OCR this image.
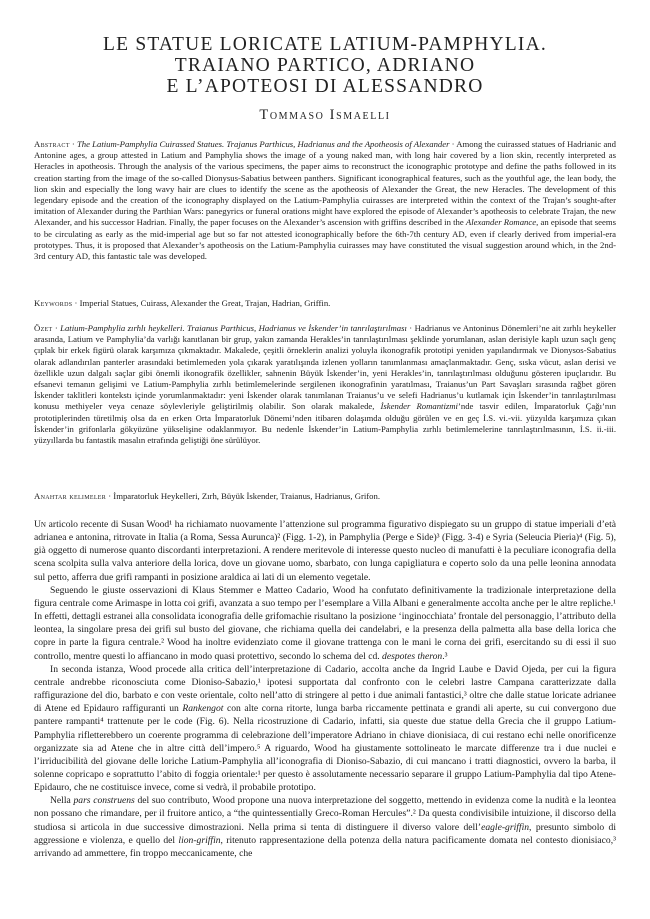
LE STATUE LORICATE LATIUM-PAMPHYLIA.

TRAIANO PARTICO, ADRIANO

E L’APOTEOSI DI ALESSANDRO

Tommaso Ismaelli
Abstract · The Latium-Pamphylia Cuirassed Statues. Trajanus Parthicus, Hadrianus and the Apotheosis of Alexander · Among the cuirassed statues of Hadrianic and Antonine ages, a group attested in Latium and Pamphylia shows the image of a young naked man, with long hair covered by a lion skin, recently interpreted as Heracles in apotheosis. Through the analysis of the various specimens, the paper aims to reconstruct the iconographic prototype and define the paths followed in its creation starting from the image of the so-called Dionysus-Sabatius between panthers. Significant iconographical features, such as the youthful age, the lean body, the lion skin and especially the long wavy hair are clues to identify the scene as the apotheosis of Alexander the Great, the new Heracles. The development of this legendary episode and the creation of the iconography displayed on the Latium-Pamphylia cuirasses are interpreted within the context of the Trajan’s sought-after imitation of Alexander during the Parthian Wars: panegyrics or funeral orations might have explored the episode of Alexander’s apotheosis to celebrate Trajan, the new Alexander, and his successor Hadrian. Finally, the paper focuses on the Alexander’s ascension with griffins described in the Alexander Romance, an episode that seems to be circulating as early as the mid-imperial age but so far not attested iconographically before the 6th-7th century AD, even if clearly derived from imperial-era prototypes. Thus, it is proposed that Alexander’s apotheosis on the Latium-Pamphylia cuirasses may have constituted the visual suggestion around which, in the 2nd-3rd century AD, this fantastic tale was developed.
Keywords · Imperial Statues, Cuirass, Alexander the Great, Trajan, Hadrian, Griffin.
Özet · Latium-Pamphylia zırhlı heykelleri. Traianus Parthicus, Hadrianus ve İskender’in tanrılaştırılması · Hadrianus ve Antoninus Dönemleri’ne ait zırhlı heykeller arasında, Latium ve Pamphylia’da varlığı kanıtlanan bir grup, yakın zamanda Herakles’in tanrılaştırılması şeklinde yorumlanan, aslan derisiyle kaplı uzun saçlı genç çıplak bir erkek figürü olarak karşımıza çıkmaktadır. Makalede, çeşitli örneklerin analizi yoluyla ikonografik prototipi yeniden yapılandırmak ve Dionysos-Sabatius olarak adlandırılan panterler arasındaki betimlemeden yola çıkarak yaratılışında izlenen yolların tanımlanması amaçlanmaktadır. Genç, sıska vücut, aslan derisi ve özellikle uzun dalgalı saçlar gibi önemli ikonografik özellikler, sahnenin Büyük İskender’in, yeni Herakles’in, tanrılaştırılması olduğunu gösteren ipuçlarıdır. Bu efsanevi temanın gelişimi ve Latium-Pamphylia zırhlı betimlemelerinde sergilenen ikonografinin yaratılması, Traianus’un Part Savaşları sırasında rağbet gören İskender taklitleri kontekstı içinde yorumlanmaktadır: yeni İskender olarak tanımlanan Traianus’u ve selefi Hadrianus’u kutlamak için İskender’in tanrılaştırılması konusu methiyeler veya cenaze söylevleriyle geliştirilmiş olabilir. Son olarak makalede, İskender Romantizmi’nde tasvir edilen, İmparatorluk Çağı’nın prototiplerinden türetilmiş olsa da en erken Orta İmparatorluk Dönemi’nden itibaren dolaşımda olduğu görülen ve en geç İ.S. vi.-vii. yüzyılda karşımıza çıkan İskender’in grifonlarla gökyüzüne yükselişine odaklanmıyor. Bu nedenle İskender’in Latium-Pamphylia zırhlı betimlemelerine tanrılaştırılmasının, İ.S. ii.-iii. yüzyıllarda bu fantastik masalın etrafında geliştiği öne sürülüyor.
Anahtar kelimeler · İmparatorluk Heykelleri, Zırh, Büyük İskender, Traianus, Hadrianus, Grifon.

Un articolo recente di Susan Wood¹ ha richiamato nuovamente l’attenzione sul programma figurativo dispiegato su un gruppo di statue imperiali d’età adrianea e antonina, ritrovate in Italia (a Roma, Sessa Aurunca)² (Figg. 1-2), in Pamphylia (Perge e Side)³ (Figg. 3-4) e Syria (Seleucia Pieria)⁴ (Fig. 5), già oggetto di numerose quanto discordanti interpretazioni. A rendere meritevole di interesse questo nucleo di manufatti è la peculiare iconografia della scena scolpita sulla valva anteriore della lorica, dove un giovane uomo, sbarbato, con lunga capigliatura e coperto solo da una pelle leonina annodata sul petto, afferra due grifi rampanti in posizione araldica ai lati di un elemento vegetale.

Seguendo le giuste osservazioni di Klaus Stemmer e Matteo Cadario, Wood ha confutato definitivamente la tradizionale interpretazione della figura centrale come Arimaspe in lotta coi grifi, avanzata a suo tempo per l’esemplare a Villa Albani e generalmente accolta anche per le altre repliche.¹ In effetti, dettagli estranei alla consolidata iconografia delle grifomachie risultano la posizione ‘inginocchiata’ frontale del personaggio, l’attributo della leontea, la singolare presa dei grifi sul busto del giovane, che richiama quella dei candelabri, e la presenza della palmetta alla base della lorica che copre in parte la figura centrale.² Wood ha inoltre evidenziato come il giovane trattenga con le mani le corna dei grifi, esercitando su di essi il suo controllo, mentre questi lo affiancano in modo quasi protettivo, secondo lo schema del cd. despotes theron.³

In seconda istanza, Wood procede alla critica dell’interpretazione di Cadario, accolta anche da Ingrid Laube e David Ojeda, per cui la figura centrale andrebbe riconosciuta come Dioniso-Sabazio,¹ ipotesi supportata dal confronto con le celebri lastre Campana caratterizzate dalla raffigurazione del dio, barbato e con veste orientale, colto nell’atto di stringere al petto i due animali fantastici,³ oltre che dalle statue loricate adrianee di Atene ed Epidauro raffiguranti un Rankengot con alte corna ritorte, lunga barba riccamente pettinata e grandi ali aperte, su cui convergono due pantere rampanti⁴ trattenute per le code (Fig. 6). Nella ricostruzione di Cadario, infatti, sia queste due statue della Grecia che il gruppo Latium-Pamphylia rifletterebbero un coerente programma di celebrazione dell’imperatore Adriano in chiave dionisiaca, di cui restano echi nelle onorificenze organizzate sia ad Atene che in altre città dell’impero.⁵ A riguardo, Wood ha giustamente sottolineato le marcate differenze tra i due nuclei e l’irriducibilità del giovane delle loriche Latium-Pamphylia all’iconografia di Dioniso-Sabazio, di cui mancano i tratti diagnostici, ovvero la barba, il solenne copricapo e soprattutto l’abito di foggia orientale:¹ per questo è assolutamente necessario separare il gruppo Latium-Pamphylia dal tipo Atene-Epidauro, che ne costituisce invece, come si vedrà, il probabile prototipo.

Nella pars construens del suo contributo, Wood propone una nuova interpretazione del soggetto, mettendo in evidenza come la nudità e la leontea non possano che rimandare, per il fruitore antico, a “the quintessentially Greco-Roman Hercules”.² Da questa condivisibile intuizione, il discorso della studiosa si articola in due successive dimostrazioni. Nella prima si tenta di distinguere il diverso valore dell’eagle-griffin, presunto simbolo di aggressione e violenza, e quello del lion-griffin, ritenuto rappresentazione della potenza della natura pacificamente domata nel contesto dionisiaco,³ arrivando ad ammettere, fin troppo meccanicamente, che
